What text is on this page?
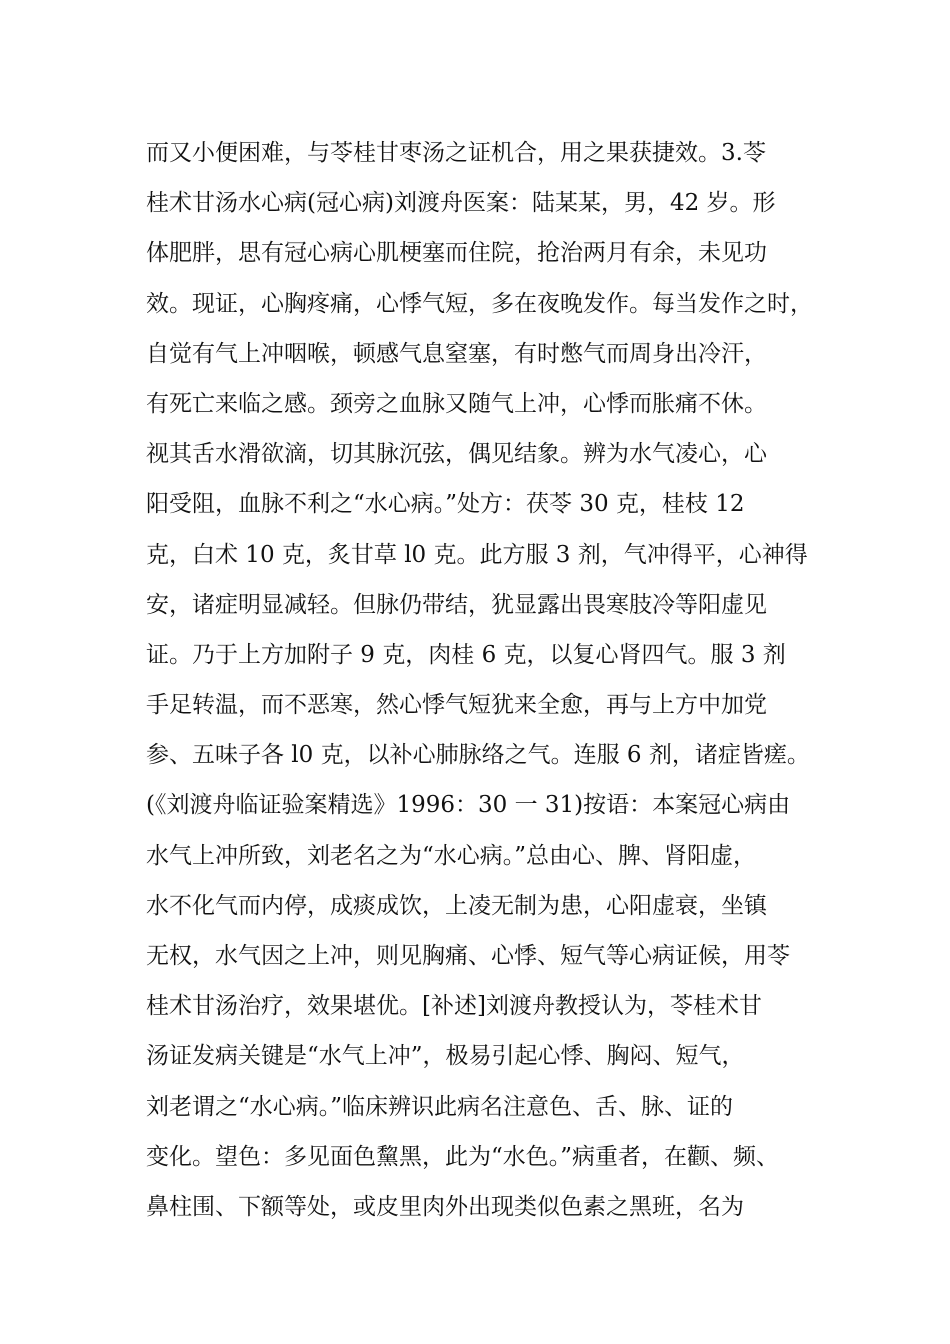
而又小便困难，与苓桂甘枣汤之证机合，用之果获捷效。3.苓
桂术甘汤水心病(冠心病)刘渡舟医案：陆某某，男，42 岁。形
体肥胖，思有冠心病心肌梗塞而住院，抢治两月有余，未见功
效。现证，心胸疼痛，心悸气短，多在夜晚发作。每当发作之时，
自觉有气上冲咽喉，顿感气息窒塞，有时憋气而周身出冷汗，
有死亡来临之感。颈旁之血脉又随气上冲，心悸而胀痛不休。
视其舌水滑欲滴，切其脉沉弦，偶见结象。辨为水气凌心，心
阳受阻，血脉不利之“水心病。”处方：茯苓 30 克，桂枝 12
克，白术 10 克，炙甘草 l0 克。此方服 3 剂，气冲得平，心神得
安，诸症明显减轻。但脉仍带结，犹显露出畏寒肢冷等阳虚见
证。乃于上方加附子 9 克，肉桂 6 克，以复心肾四气。服 3 剂
手足转温，而不恶寒，然心悸气短犹来全愈，再与上方中加党
参、五味子各 l0 克，以补心肺脉络之气。连服 6 剂，诸症皆瘥。
(《刘渡舟临证验案精选》1996：30 一 31)按语：本案冠心病由
水气上冲所致，刘老名之为“水心病。”总由心、脾、肾阳虚，
水不化气而内停，成痰成饮，上凌无制为患，心阳虚衰，坐镇
无权，水气因之上冲，则见胸痛、心悸、短气等心病证候，用苓
桂术甘汤治疗，效果堪优。[补述]刘渡舟教授认为，苓桂术甘
汤证发病关键是“水气上冲”，极易引起心悸、胸闷、短气，
刘老谓之“水心病。”临床辨识此病名注意色、舌、脉、证的
变化。望色：多见面色黧黑，此为“水色。”病重者，在颧、频、
鼻柱围、下额等处，或皮里肉外出现类似色素之黑班，名为
